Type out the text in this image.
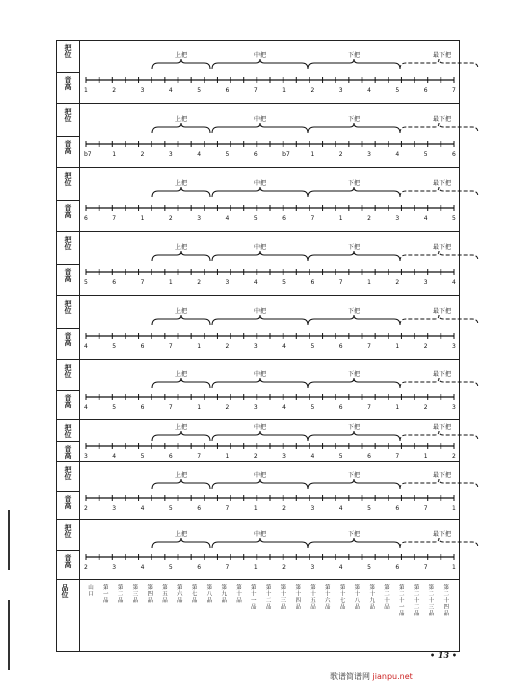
把位
音高
1	2	3	4	5	6	7	1	2	3	4	5	6	7
上把	中把	下把	最下把
把位
音高
b7	1	2	3	4	5	6	b7	1	2	3	4	5	6
上把	中把	下把	最下把
把位
音高
6	7	1	2	3	4	5	6	7	1	2	3	4	5
上把	中把	下把	最下把
把位
音高
5	6	7	1	2	3	4	5	6	7	1	2	3	4
上把	中把	下把	最下把
把位
音高
4	5	6	7	1	2	3	4	5	6	7	1	2	3
上把	中把	下把	最下把
把位
音高	4	5	6	7	1	2	3	4	5	6	7	1	2	3
上把	中把	下把	最下把
把位
音高	3	4	5	6	7	1	2	3	4	5	6	7	1	2
上把	中把	下把	最下把
把位
音高	2	3	4	5	6	7	1	2	3	4	5	6	7	1
上把	中把	下把	最下把
把位
音高	2	3	4	5	6	7	1	2	3	4	5	6	7	1
上把	中把	下把	最下把
品位	山口 第一品 第二品 第三品 第四品 第五品 第六品 第七品 第八品 第九品 第十品 第十一品 第十二品 第十三品 第十四品 第十五品 第十六品 第十七品 第十八品 第十九品 第二十品 第二十一品 第二十二品 第二十三品 第二十四品
• 13 •
歌谱简谱网 jianpu.net
